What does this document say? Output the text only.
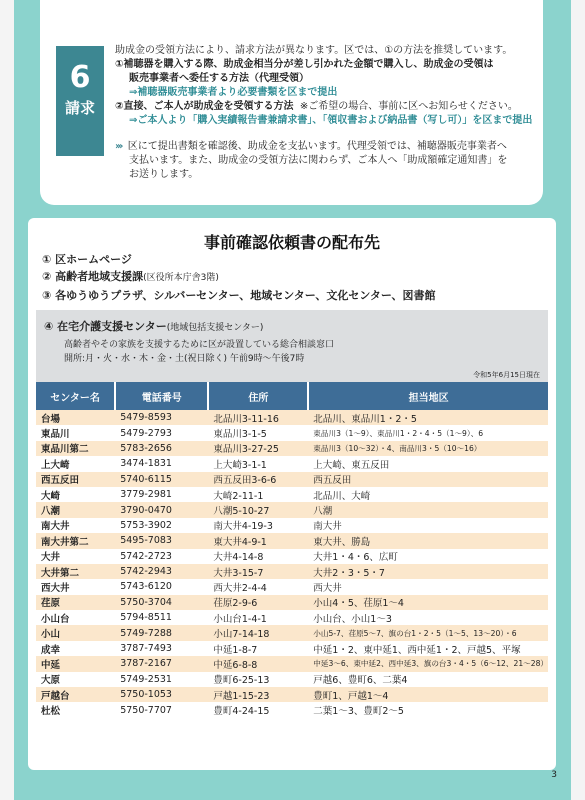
6
請求

助成金の受領方法により、請求方法が異なります。区では、①の方法を推奨しています。

①補聴器を購入する際、助成金相当分が差し引かれた金額で購入し、助成金の受領は

販売事業者へ委任する方法（代理受領）

⇒補聴器販売事業者より必要書類を区まで提出

②直接、ご本人が助成金を受領する方法 ※ご希望の場合、事前に区へお知らせください。

⇒ご本人より「購入実績報告書兼請求書」、「領収書および納品書（写し可）」を区まで提出

››› 区にて提出書類を確認後、助成金を支払います。代理受領では、補聴器販売事業者へ

支払います。また、助成金の受領方法に関わらず、ご本人へ「助成額確定通知書」を

お送りします。

事前確認依頼書の配布先
① 区ホームページ
② 高齢者地域支援課(区役所本庁舎3階)
③ 各ゆうゆうプラザ、シルバーセンター、地域センター、文化センター、図書館
④ 在宅介護支援センター(地域包括支援センター)
高齢者やその家族を支援するために区が設置している総合相談窓口
開所:月・火・水・木・金・土(祝日除く) 午前9時〜午後7時
令和5年6月15日現在
センター名	電話番号	住所	担当地区
台場	5479-8593	北品川3-11-16	北品川、東品川1・2・5
東品川	5479-2793	東品川3-1-5	東品川3（1〜9）、東品川1・2・4・5（1〜9）、6
東品川第二	5783-2656	東品川3-27-25	東品川3（10〜32）・4、南品川3・5（10〜16）
上大崎	3474-1831	上大崎3-1-1	上大崎、東五反田
西五反田	5740-6115	西五反田3-6-6	西五反田
大崎	3779-2981	大崎2-11-1	北品川、大崎
八潮	3790-0470	八潮5-10-27	八潮
南大井	5753-3902	南大井4-19-3	南大井
南大井第二	5495-7083	東大井4-9-1	東大井、勝島
大井	5742-2723	大井4-14-8	大井1・4・6、広町
大井第二	5742-2943	大井3-15-7	大井2・3・5・7
西大井	5743-6120	西大井2-4-4	西大井
荏原	5750-3704	荏原2-9-6	小山4・5、荏原1〜4
小山台	5794-8511	小山台1-4-1	小山台、小山1〜3
小山	5749-7288	小山7-14-18	小山5-7、荏原5〜7、旗の台1・2・5（1〜5、13〜20）・6
成幸	3787-7493	中延1-8-7	中延1・2、東中延1、西中延1・2、戸越5、平塚
中延	3787-2167	中延6-8-8	中延3〜6、東中延2、西中延3、旗の台3・4・5（6〜12、21〜28）
大原	5749-2531	豊町6-25-13	戸越6、豊町6、二葉4
戸越台	5750-1053	戸越1-15-23	豊町1、戸越1〜4
杜松	5750-7707	豊町4-24-15	二葉1〜3、豊町2〜5
3
